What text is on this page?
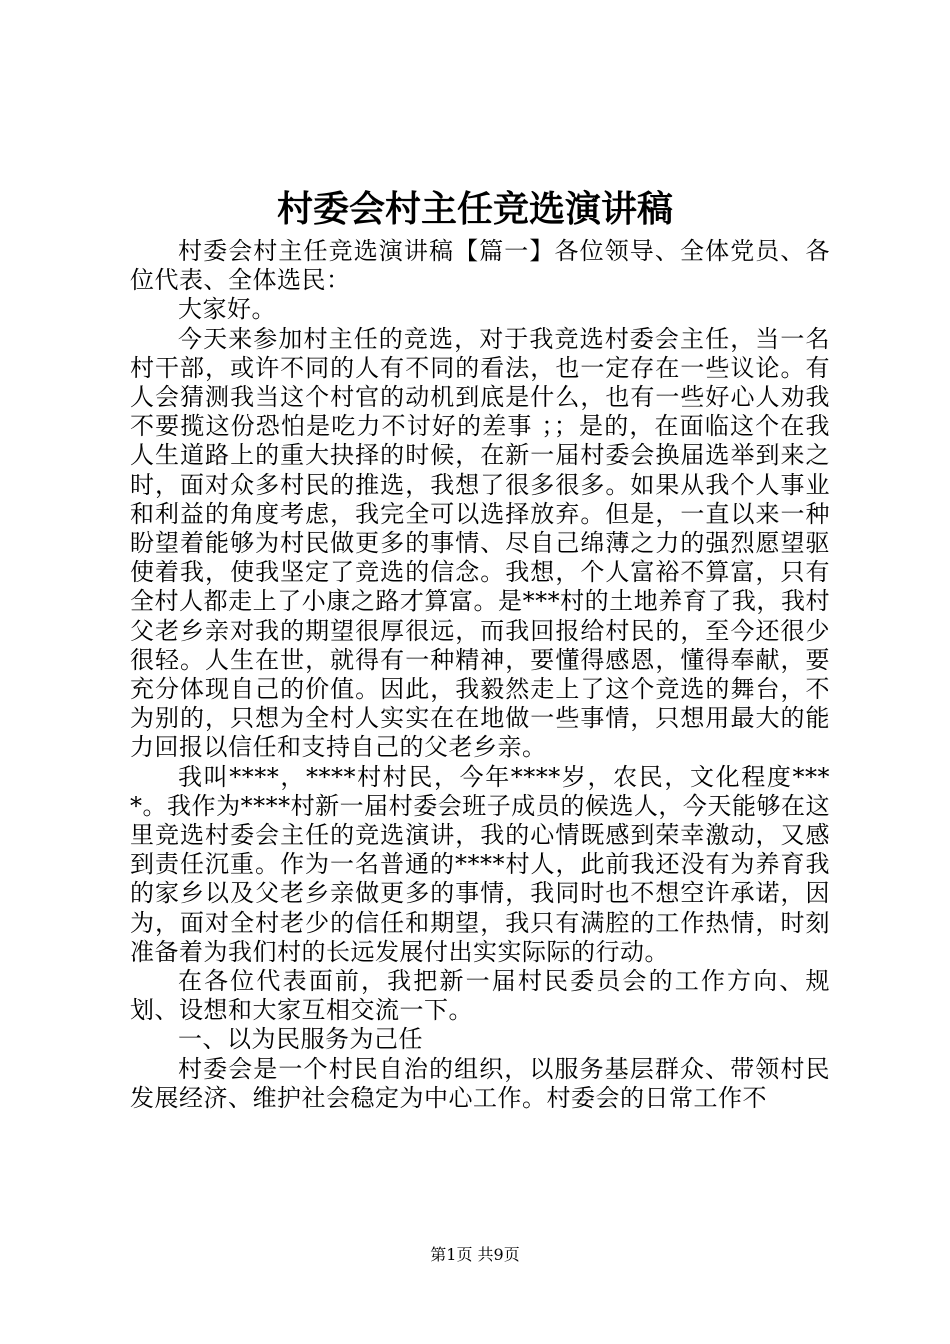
村委会村主任竞选演讲稿

村委会村主任竞选演讲稿【篇一】各位领导、全体党员、各位代表、全体选民：

大家好。

今天来参加村主任的竞选，对于我竞选村委会主任，当一名村干部，或许不同的人有不同的看法，也一定存在一些议论。有人会猜测我当这个村官的动机到底是什么，也有一些好心人劝我不要揽这份恐怕是吃力不讨好的差事 ；；是的，在面临这个在我人生道路上的重大抉择的时候，在新一届村委会换届选举到来之时，面对众多村民的推选，我想了很多很多。如果从我个人事业和利益的角度考虑，我完全可以选择放弃。但是，一直以来一种盼望着能够为村民做更多的事情、尽自己绵薄之力的强烈愿望驱使着我，使我坚定了竞选的信念。我想，个人富裕不算富，只有全村人都走上了小康之路才算富。是***村的土地养育了我，我村父老乡亲对我的期望很厚很远，而我回报给村民的，至今还很少很轻。人生在世，就得有一种精神，要懂得感恩，懂得奉献，要充分体现自己的价值。因此，我毅然走上了这个竞选的舞台，不为别的，只想为全村人实实在在地做一些事情，只想用最大的能力回报以信任和支持自己的父老乡亲。

我叫****，****村村民，今年****岁，农民，文化程度****。我作为****村新一届村委会班子成员的候选人，今天能够在这里竞选村委会主任的竞选演讲，我的心情既感到荣幸激动，又感到责任沉重。作为一名普通的****村人，此前我还没有为养育我的家乡以及父老乡亲做更多的事情，我同时也不想空许承诺，因为，面对全村老少的信任和期望，我只有满腔的工作热情，时刻准备着为我们村的长远发展付出实实际际的行动。

在各位代表面前，我把新一届村民委员会的工作方向、规划、设想和大家互相交流一下。

一、以为民服务为己任

村委会是一个村民自治的组织，以服务基层群众、带领村民发展经济、维护社会稳定为中心工作。村委会的日常工作不

第1页 共9页
